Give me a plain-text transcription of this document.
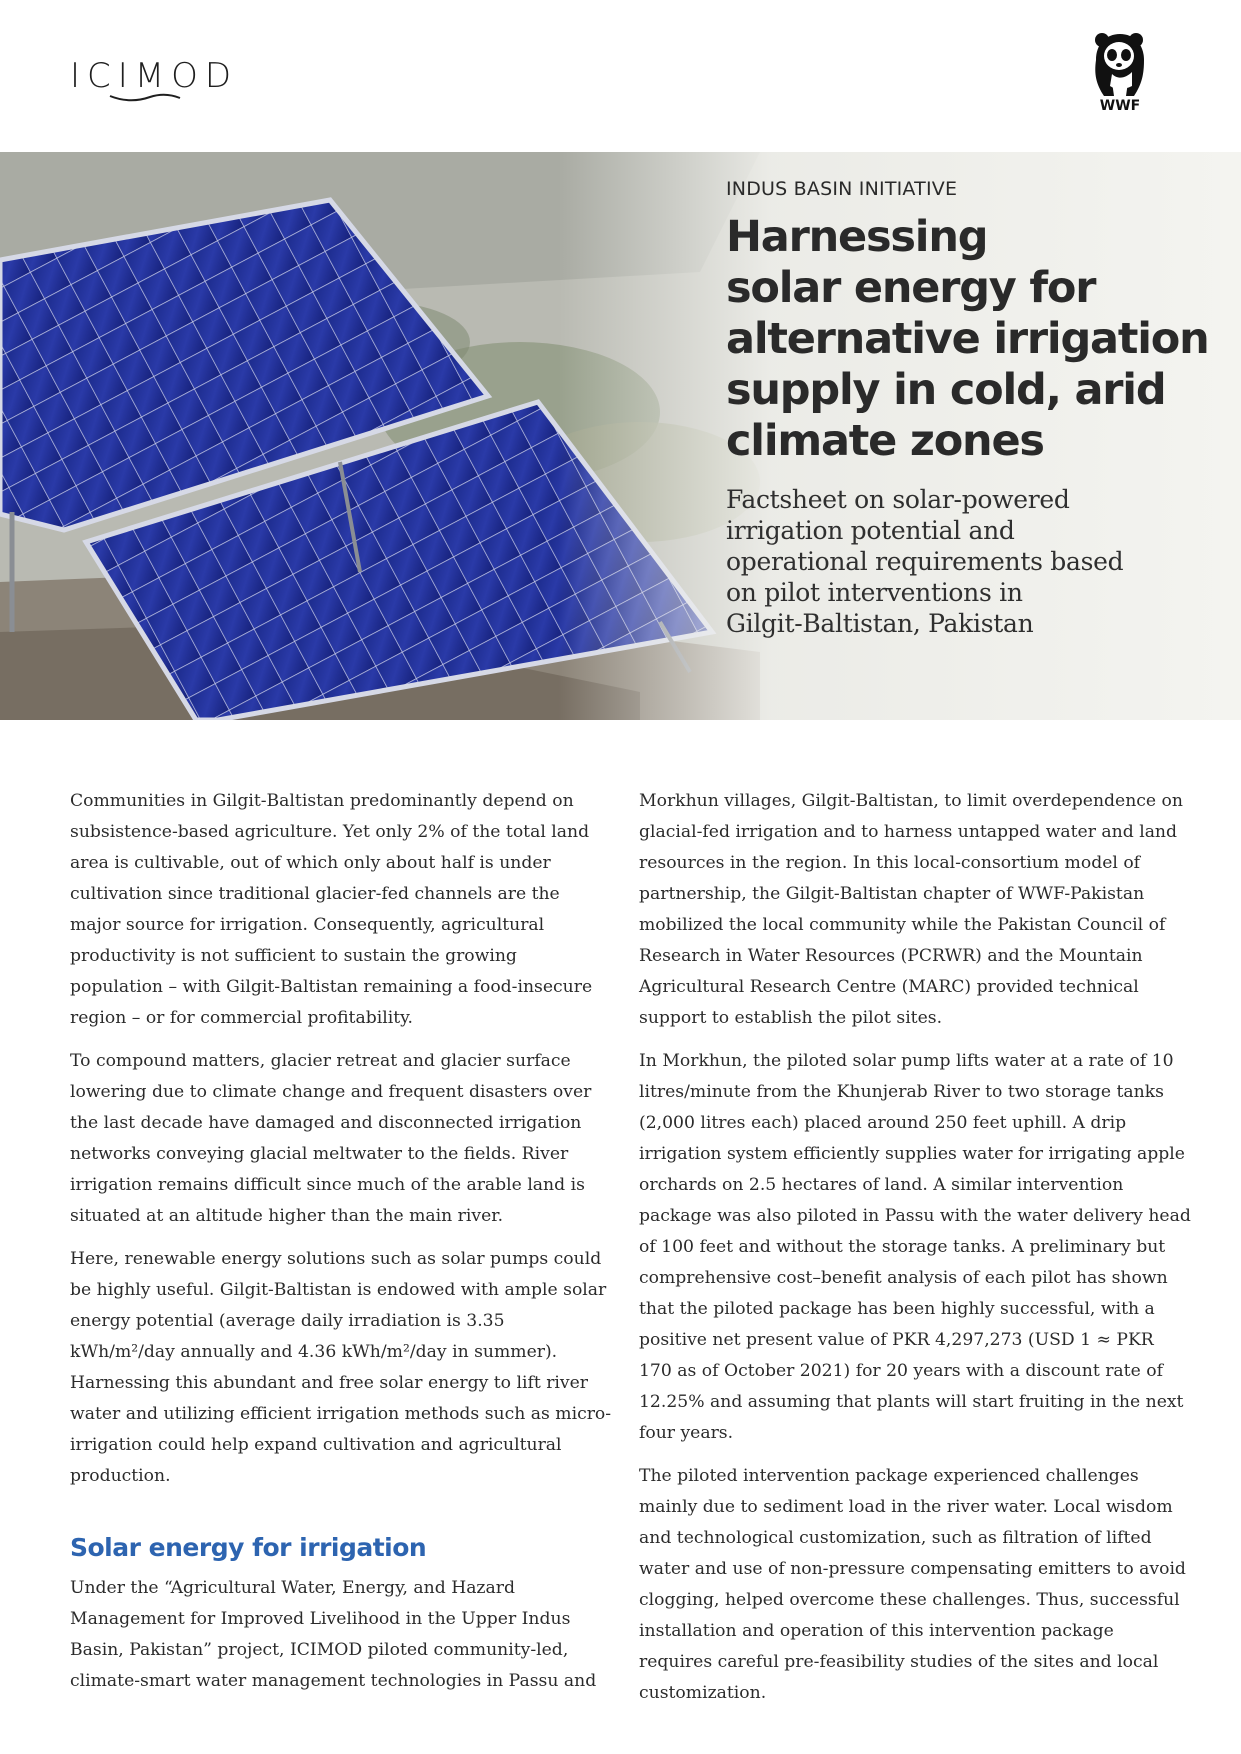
ICIMOD
WWF
INDUS BASIN INITIATIVE
Harnessing
solar energy for
alternative irrigation
supply in cold, arid
climate zones
Factsheet on solar-powered
irrigation potential and
operational requirements based
on pilot interventions in
Gilgit-Baltistan, Pakistan

Communities in Gilgit-Baltistan predominantly depend on subsistence-based agriculture. Yet only 2% of the total land area is cultivable, out of which only about half is under cultivation since traditional glacier-fed channels are the major source for irrigation. Consequently, agricultural productivity is not sufficient to sustain the growing population – with Gilgit-Baltistan remaining a food-insecure region – or for commercial profitability.

To compound matters, glacier retreat and glacier surface lowering due to climate change and frequent disasters over the last decade have damaged and disconnected irrigation networks conveying glacial meltwater to the fields. River irrigation remains difficult since much of the arable land is situated at an altitude higher than the main river.

Here, renewable energy solutions such as solar pumps could be highly useful. Gilgit-Baltistan is endowed with ample solar energy potential (average daily irradiation is 3.35 kWh/m²/day annually and 4.36 kWh/m²/day in summer). Harnessing this abundant and free solar energy to lift river water and utilizing efficient irrigation methods such as micro-irrigation could help expand cultivation and agricultural production.

Solar energy for irrigation

Under the “Agricultural Water, Energy, and Hazard Management for Improved Livelihood in the Upper Indus Basin, Pakistan” project, ICIMOD piloted community-led, climate-smart water management technologies in Passu and

Morkhun villages, Gilgit-Baltistan, to limit overdependence on glacial-fed irrigation and to harness untapped water and land resources in the region. In this local-consortium model of partnership, the Gilgit-Baltistan chapter of WWF-Pakistan mobilized the local community while the Pakistan Council of Research in Water Resources (PCRWR) and the Mountain Agricultural Research Centre (MARC) provided technical support to establish the pilot sites.

In Morkhun, the piloted solar pump lifts water at a rate of 10 litres/minute from the Khunjerab River to two storage tanks (2,000 litres each) placed around 250 feet uphill. A drip irrigation system efficiently supplies water for irrigating apple orchards on 2.5 hectares of land. A similar intervention package was also piloted in Passu with the water delivery head of 100 feet and without the storage tanks. A preliminary but comprehensive cost–benefit analysis of each pilot has shown that the piloted package has been highly successful, with a positive net present value of PKR 4,297,273 (USD 1 ≈ PKR 170 as of October 2021) for 20 years with a discount rate of 12.25% and assuming that plants will start fruiting in the next four years.

The piloted intervention package experienced challenges mainly due to sediment load in the river water. Local wisdom and technological customization, such as filtration of lifted water and use of non-pressure compensating emitters to avoid clogging, helped overcome these challenges. Thus, successful installation and operation of this intervention package requires careful pre-feasibility studies of the sites and local customization.
